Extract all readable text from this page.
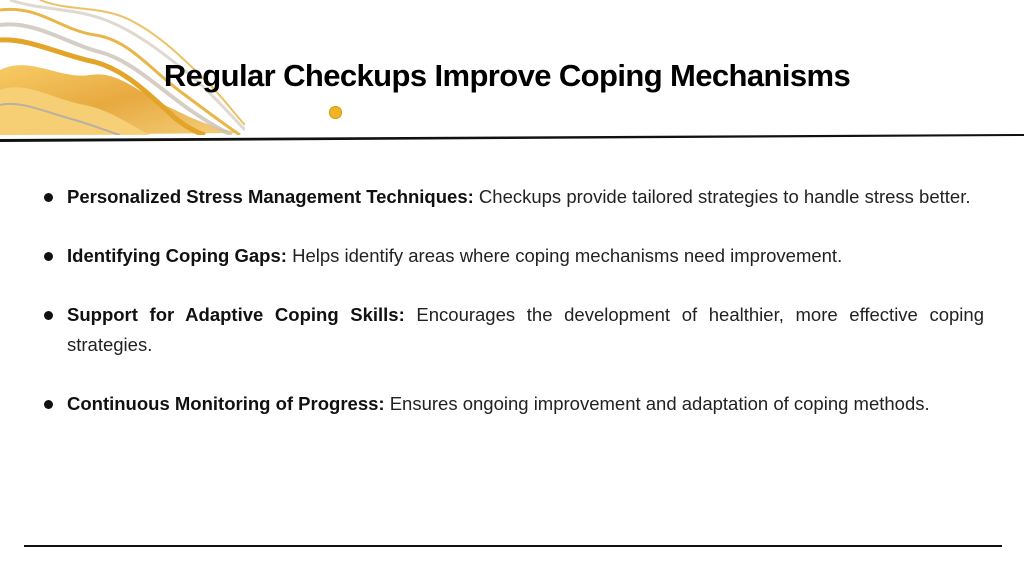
Regular Checkups Improve Coping Mechanisms
Personalized Stress Management Techniques: Checkups provide tailored strategies to handle stress better.
Identifying Coping Gaps: Helps identify areas where coping mechanisms need improvement.
Support for Adaptive Coping Skills: Encourages the development of healthier, more effective coping strategies.
Continuous Monitoring of Progress: Ensures ongoing improvement and adaptation of coping methods.
